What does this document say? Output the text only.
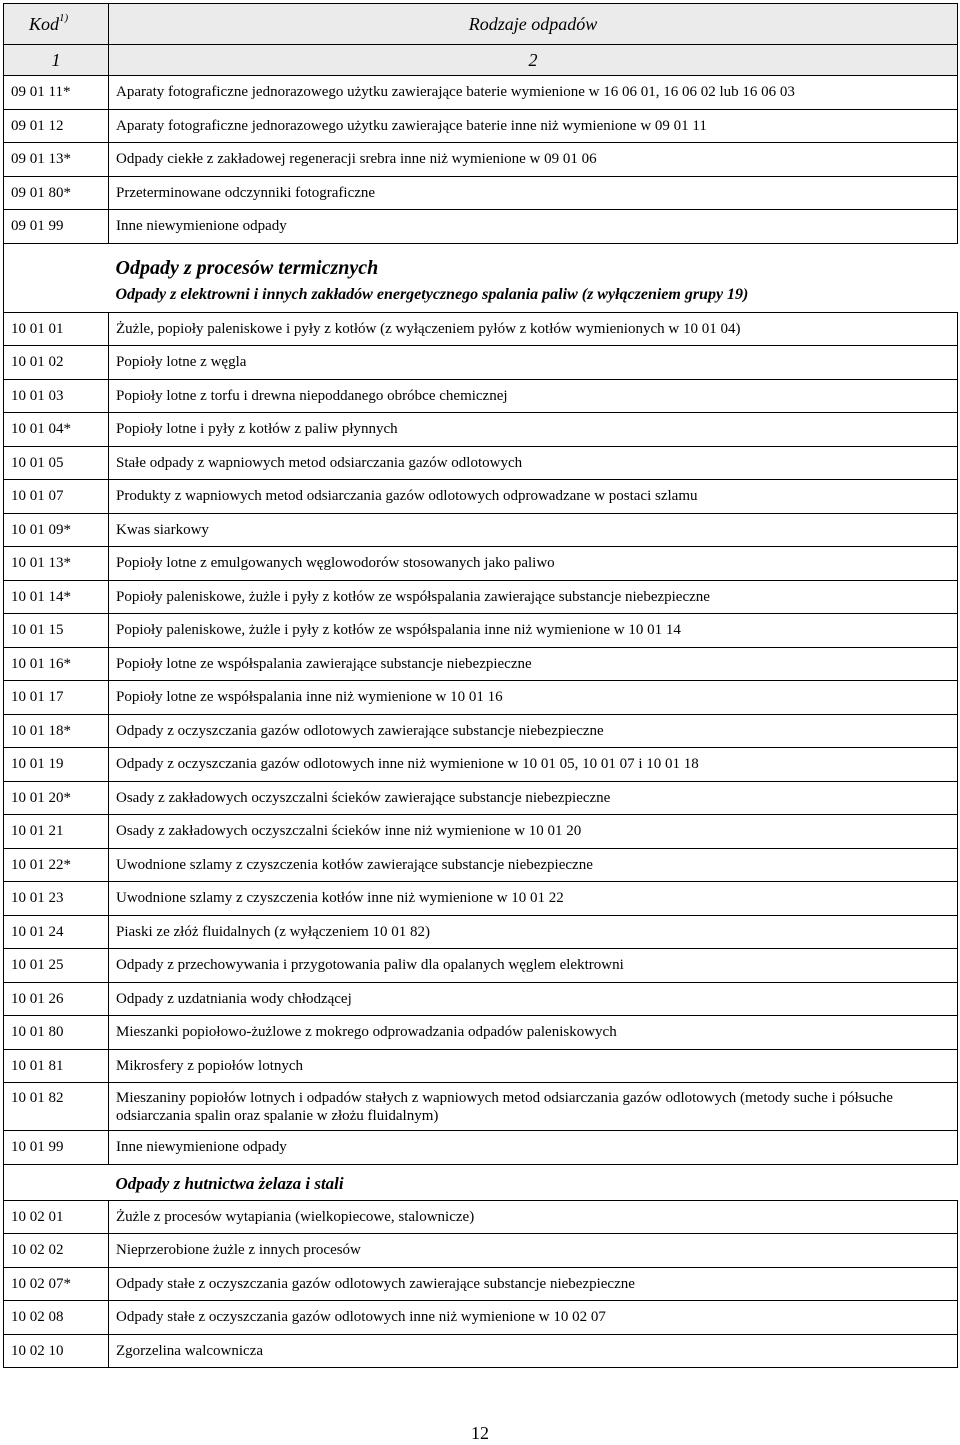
Kod$^{1)}$	Rodzaje odpadów
1	2
09 01 11*	Aparaty fotograficzne jednorazowego użytku zawierające baterie wymienione w 16 06 01, 16 06 02 lub 16 06 03
09 01 12	Aparaty fotograficzne jednorazowego użytku zawierające baterie inne niż wymienione w 09 01 11
09 01 13*	Odpady ciekłe z zakładowej regeneracji srebra inne niż wymienione w 09 01 06
09 01 80*	Przeterminowane odczynniki fotograficzne
09 01 99	Inne niewymienione odpady

	Odpady z procesów termicznych
Odpady z elektrowni i innych zakładów energetycznego spalania paliw (z wyłączeniem grupy 19)

10 01 01	Żużle, popioły paleniskowe i pyły z kotłów (z wyłączeniem pyłów z kotłów wymienionych w 10 01 04)
10 01 02	Popioły lotne z węgla
10 01 03	Popioły lotne z torfu i drewna niepoddanego obróbce chemicznej
10 01 04*	Popioły lotne i pyły z kotłów z paliw płynnych
10 01 05	Stałe odpady z wapniowych metod odsiarczania gazów odlotowych
10 01 07	Produkty z wapniowych metod odsiarczania gazów odlotowych odprowadzane w postaci szlamu
10 01 09*	Kwas siarkowy
10 01 13*	Popioły lotne z emulgowanych węglowodorów stosowanych jako paliwo
10 01 14*	Popioły paleniskowe, żużle i pyły z kotłów ze współspalania zawierające substancje niebezpieczne
10 01 15	Popioły paleniskowe, żużle i pyły z kotłów ze współspalania inne niż wymienione w 10 01 14
10 01 16*	Popioły lotne ze współspalania zawierające substancje niebezpieczne
10 01 17	Popioły lotne ze współspalania inne niż wymienione w 10 01 16
10 01 18*	Odpady z oczyszczania gazów odlotowych zawierające substancje niebezpieczne
10 01 19	Odpady z oczyszczania gazów odlotowych inne niż wymienione w 10 01 05, 10 01 07 i 10 01 18
10 01 20*	Osady z zakładowych oczyszczalni ścieków zawierające substancje niebezpieczne
10 01 21	Osady z zakładowych oczyszczalni ścieków inne niż wymienione w 10 01 20
10 01 22*	Uwodnione szlamy z czyszczenia kotłów zawierające substancje niebezpieczne
10 01 23	Uwodnione szlamy z czyszczenia kotłów inne niż wymienione w 10 01 22
10 01 24	Piaski ze złóż fluidalnych (z wyłączeniem 10 01 82)
10 01 25	Odpady z przechowywania i przygotowania paliw dla opalanych węglem elektrowni
10 01 26	Odpady z uzdatniania wody chłodzącej
10 01 80	Mieszanki popiołowo-żużlowe z mokrego odprowadzania odpadów paleniskowych
10 01 81	Mikrosfery z popiołów lotnych
10 01 82	Mieszaniny popiołów lotnych i odpadów stałych z wapniowych metod odsiarczania gazów odlotowych (metody suche i półsuche odsiarczania spalin oraz spalanie w złożu fluidalnym)
10 01 99	Inne niewymienione odpady

	Odpady z hutnictwa żelaza i stali

10 02 01	Żużle z procesów wytapiania (wielkopiecowe, stalownicze)
10 02 02	Nieprzerobione żużle z innych procesów
10 02 07*	Odpady stałe z oczyszczania gazów odlotowych zawierające substancje niebezpieczne
10 02 08	Odpady stałe z oczyszczania gazów odlotowych inne niż wymienione w 10 02 07
10 02 10	Zgorzelina walcownicza
12
